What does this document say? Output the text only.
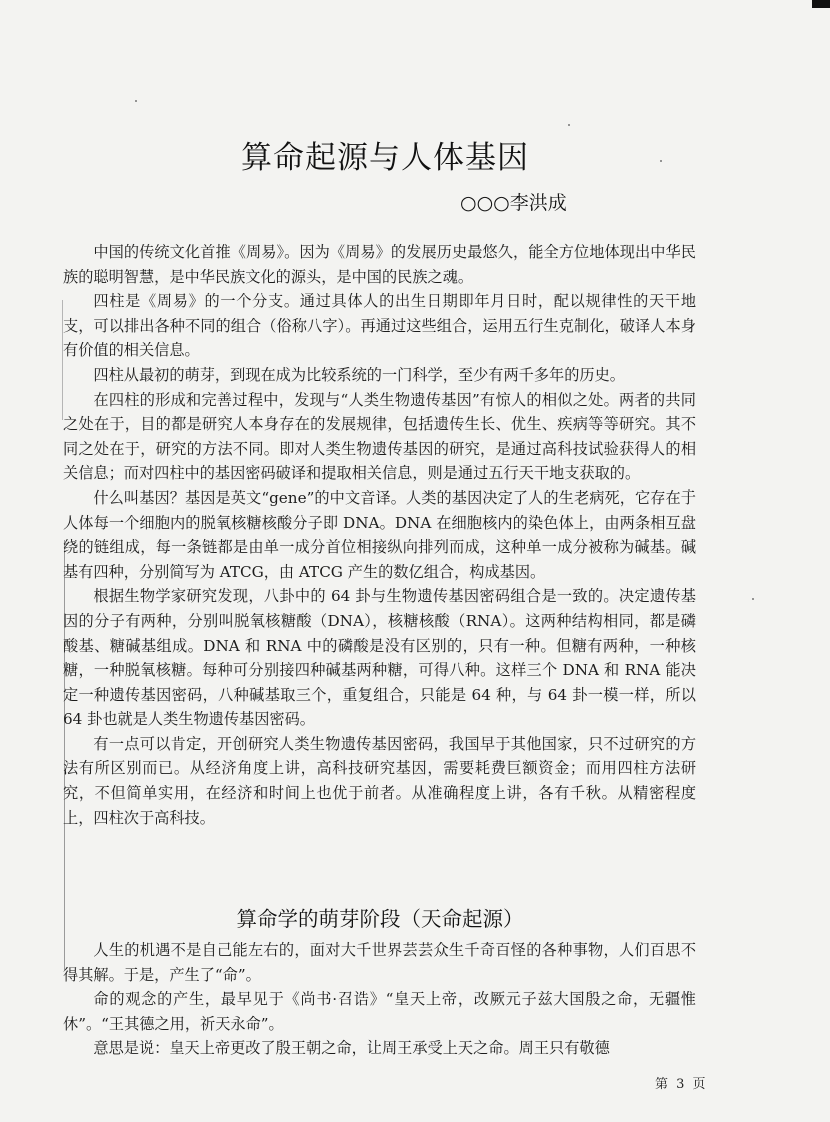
算命起源与人体基因
○○○李洪成

中国的传统文化首推《周易》。因为《周易》的发展历史最悠久，能全方位地体现出中华民族的聪明智慧，是中华民族文化的源头，是中国的民族之魂。

四柱是《周易》的一个分支。通过具体人的出生日期即年月日时，配以规律性的天干地支，可以排出各种不同的组合（俗称八字）。再通过这些组合，运用五行生克制化，破译人本身有价值的相关信息。

四柱从最初的萌芽，到现在成为比较系统的一门科学，至少有两千多年的历史。

在四柱的形成和完善过程中，发现与“人类生物遗传基因”有惊人的相似之处。两者的共同之处在于，目的都是研究人本身存在的发展规律，包括遗传生长、优生、疾病等等研究。其不同之处在于，研究的方法不同。即对人类生物遗传基因的研究，是通过高科技试验获得人的相关信息；而对四柱中的基因密码破译和提取相关信息，则是通过五行天干地支获取的。

什么叫基因？基因是英文“gene”的中文音译。人类的基因决定了人的生老病死，它存在于人体每一个细胞内的脱氧核糖核酸分子即 DNA。DNA 在细胞核内的染色体上，由两条相互盘绕的链组成，每一条链都是由单一成分首位相接纵向排列而成，这种单一成分被称为碱基。碱基有四种，分别简写为 ATCG，由 ATCG 产生的数亿组合，构成基因。

根据生物学家研究发现，八卦中的 64 卦与生物遗传基因密码组合是一致的。决定遗传基因的分子有两种，分别叫脱氧核糖酸（DNA），核糖核酸（RNA）。这两种结构相同，都是磷酸基、糖碱基组成。DNA 和 RNA 中的磷酸是没有区别的，只有一种。但糖有两种，一种核糖，一种脱氧核糖。每种可分别接四种碱基两种糖，可得八种。这样三个 DNA 和 RNA 能决定一种遗传基因密码，八种碱基取三个，重复组合，只能是 64 种，与 64 卦一模一样，所以 64 卦也就是人类生物遗传基因密码。

有一点可以肯定，开创研究人类生物遗传基因密码，我国早于其他国家，只不过研究的方法有所区别而已。从经济角度上讲，高科技研究基因，需要耗费巨额资金；而用四柱方法研究，不但简单实用，在经济和时间上也优于前者。从准确程度上讲，各有千秋。从精密程度上，四柱次于高科技。

算命学的萌芽阶段（天命起源）

人生的机遇不是自己能左右的，面对大千世界芸芸众生千奇百怪的各种事物，人们百思不得其解。于是，产生了“命”。

命的观念的产生，最早见于《尚书·召诰》“皇天上帝，改厥元子兹大国殷之命，无疆惟休”。“王其德之用，祈天永命”。

意思是说：皇天上帝更改了殷王朝之命，让周王承受上天之命。周王只有敬德

第 3 页
